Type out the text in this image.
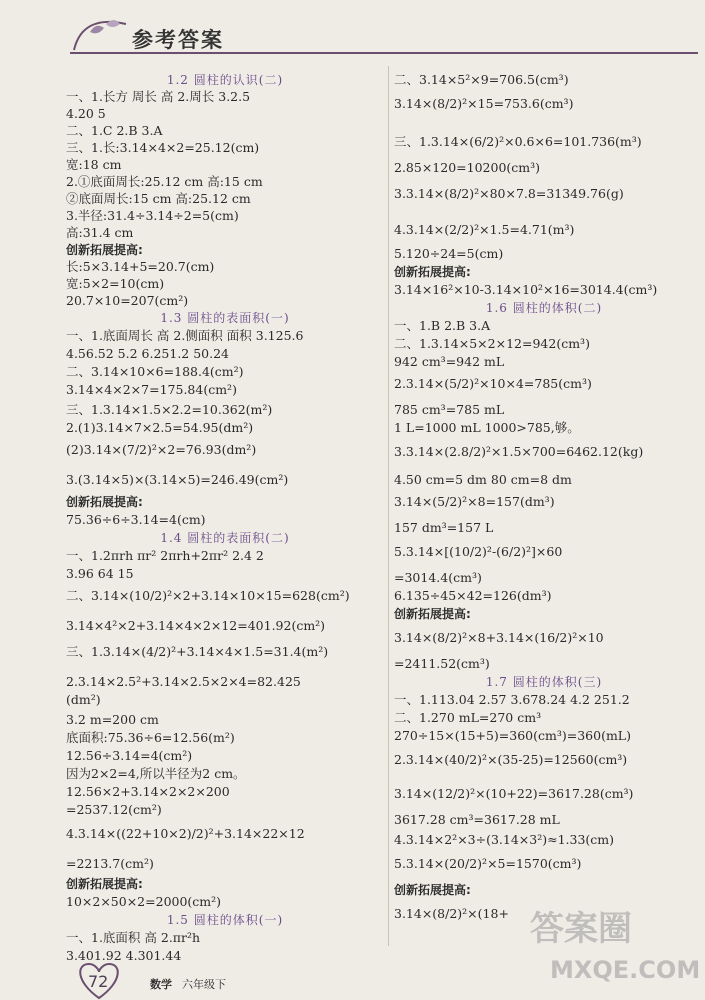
参考答案
1.2 圆柱的认识(二)
一、1.长方 周长 高 2.周长 3.2.5
4.20 5
二、1.C 2.B 3.A
三、1.长:3.14×4×2=25.12(cm)
宽:18 cm
2.①底面周长:25.12 cm 高:15 cm
②底面周长:15 cm 高:25.12 cm
3.半径:31.4÷3.14÷2=5(cm)
高:31.4 cm
创新拓展提高:
长:5×3.14+5=20.7(cm)
宽:5×2=10(cm)
20.7×10=207(cm²)
1.3 圆柱的表面积(一)
一、1.底面周长 高 2.侧面积 面积 3.125.6
4.56.52 5.2 6.251.2 50.24
二、3.14×10×6=188.4(cm²)
3.14×4×2×7=175.84(cm²)
三、1.3.14×1.5×2.2=10.362(m²)
2.(1)3.14×7×2.5=54.95(dm²)
(2)3.14×(7/2)²×2=76.93(dm²)
3.(3.14×5)×(3.14×5)=246.49(cm²)
创新拓展提高:
75.36÷6÷3.14=4(cm)
1.4 圆柱的表面积(二)
一、1.2πrh πr² 2πrh+2πr² 2.4 2
3.96 64 15
二、3.14×(10/2)²×2+3.14×10×15=628(cm²)
3.14×4²×2+3.14×4×2×12=401.92(cm²)
三、1.3.14×(4/2)²+3.14×4×1.5=31.4(m²)
2.3.14×2.5²+3.14×2.5×2×4=82.425
(dm²)
3.2 m=200 cm
底面积:75.36÷6=12.56(m²)
12.56÷3.14=4(cm²)
因为2×2=4,所以半径为2 cm。
12.56×2+3.14×2×2×200
=2537.12(cm²)
4.3.14×((22+10×2)/2)²+3.14×22×12
=2213.7(cm²)
创新拓展提高:
10×2×50×2=2000(cm²)
1.5 圆柱的体积(一)
一、1.底面积 高 2.πr²h
3.401.92 4.301.44
二、3.14×5²×9=706.5(cm³)
3.14×(8/2)²×15=753.6(cm³)
三、1.3.14×(6/2)²×0.6×6=101.736(m³)
2.85×120=10200(cm³)
3.3.14×(8/2)²×80×7.8=31349.76(g)
4.3.14×(2/2)²×1.5=4.71(m³)
5.120÷24=5(cm)
创新拓展提高:
3.14×16²×10-3.14×10²×16=3014.4(cm³)
1.6 圆柱的体积(二)
一、1.B 2.B 3.A
二、1.3.14×5×2×12=942(cm³)
942 cm³=942 mL
2.3.14×(5/2)²×10×4=785(cm³)
785 cm³=785 mL
1 L=1000 mL 1000>785,够。
3.3.14×(2.8/2)²×1.5×700=6462.12(kg)
4.50 cm=5 dm 80 cm=8 dm
3.14×(5/2)²×8=157(dm³)
157 dm³=157 L
5.3.14×[(10/2)²-(6/2)²]×60
=3014.4(cm³)
6.135÷45×42=126(dm³)
创新拓展提高:
3.14×(8/2)²×8+3.14×(16/2)²×10
=2411.52(cm³)
1.7 圆柱的体积(三)
一、1.113.04 2.57 3.678.24 4.2 251.2
二、1.270 mL=270 cm³
270÷15×(15+5)=360(cm³)=360(mL)
2.3.14×(40/2)²×(35-25)=12560(cm³)
3.14×(12/2)²×(10+22)=3617.28(cm³)
3617.28 cm³=3617.28 mL
4.3.14×2²×3÷(3.14×3²)≈1.33(cm)
5.3.14×(20/2)²×5=1570(cm³)
创新拓展提高:
3.14×(8/2)²×(18+ 答案圈
MXQE.COM
72	数学 六年级下
